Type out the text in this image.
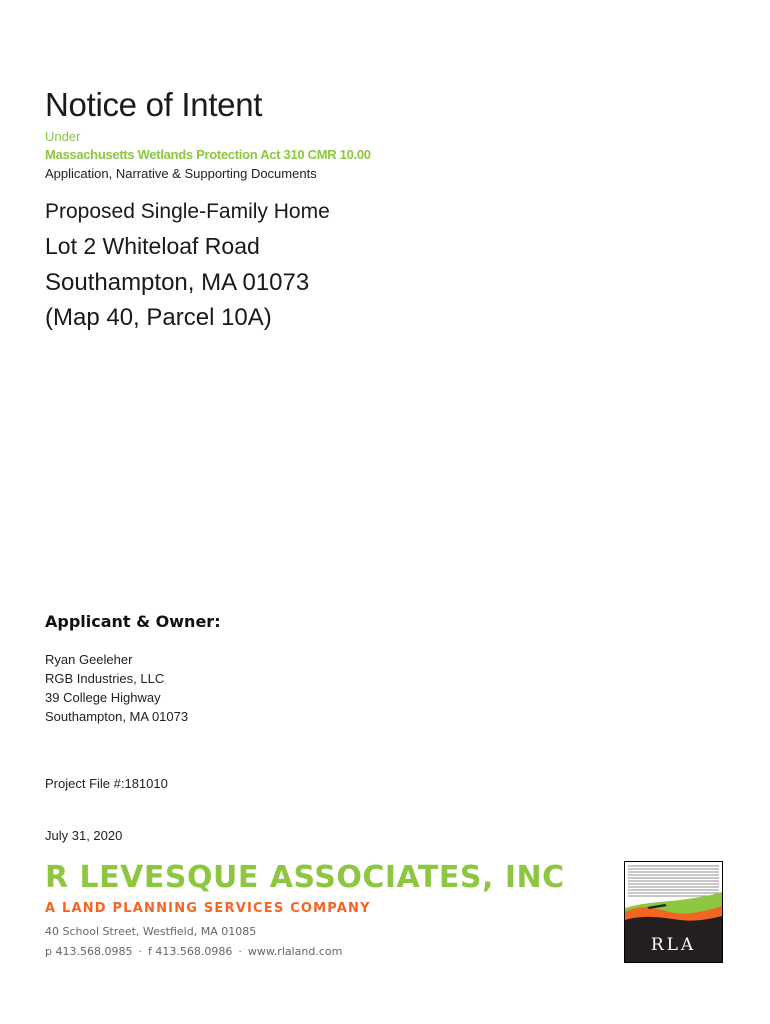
Notice of Intent
Under
Massachusetts Wetlands Protection Act 310 CMR 10.00
Application, Narrative & Supporting Documents
Proposed Single-Family Home
Lot 2 Whiteloaf Road
Southampton, MA 01073
(Map 40, Parcel 10A)
Applicant & Owner:
Ryan Geeleher
RGB Industries, LLC
39 College Highway
Southampton, MA 01073
Project File #:181010
July 31, 2020
R LEVESQUE ASSOCIATES, INC
A LAND PLANNING SERVICES COMPANY
40 School Street, Westfield, MA 01085
p 413.568.0985 · f 413.568.0986 · www.rlaland.com	RLA
